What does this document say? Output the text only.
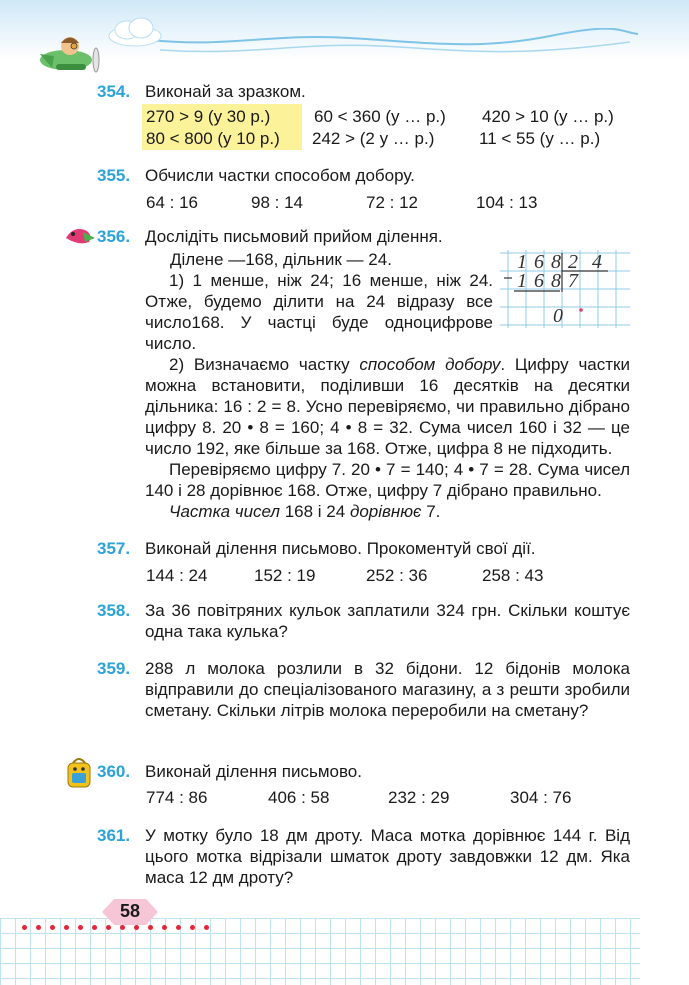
354. Виконай за зразком.
270 > 9 (у 30 р.)	60 < 360 (у … р.) 420 > 10 (у … р.)
80 < 800 (у 10 р.) 242 > (2 у … р.)	11 < 55 (у … р.)
355. Обчисли частки способом добору.
64 : 16	98 : 14	72 : 12	104 : 13
356. Дослідіть письмовий прийом ділення.
168 24
168 7
0
Ділене —168, дільник — 24.
1) 1 менше, ніж 24; 16 менше, ніж 24. Отже, будемо ділити на 24 відразу все число168. У частці буде одноцифрове число.
2) Визначаємо частку способом добору. Цифру частки можна встановити, поділивши 16 десятків на десятки дільника: 16 : 2 = 8. Усно перевіряємо, чи правильно дібрано цифру 8. 20 • 8 = 160; 4 • 8 = 32. Сума чисел 160 і 32 — це число 192, яке більше за 168. Отже, цифра 8 не підходить.
Перевіряємо цифру 7. 20 • 7 = 140; 4 • 7 = 28. Сума чисел 140 і 28 дорівнює 168. Отже, цифру 7 дібрано правильно.
Частка чисел 168 і 24 дорівнює 7.
357. Виконай ділення письмово. Прокоментуй свої дії.
144 : 24	152 : 19	252 : 36	258 : 43
358. За 36 повітряних кульок заплатили 324 грн. Скільки коштує одна така кулька?
359. 288 л молока розлили в 32 бідони. 12 бідонів молока відправили до спеціалізованого магазину, а з решти зробили сметану. Скільки літрів молока переробили на сметану?
360. Виконай ділення письмово.
774 : 86	406 : 58	232 : 29	304 : 76
361. У мотку було 18 дм дроту. Маса мотка дорівнює 144 г. Від цього мотка відрізали шматок дроту завдовжки 12 дм. Яка маса 12 дм дроту?
58
